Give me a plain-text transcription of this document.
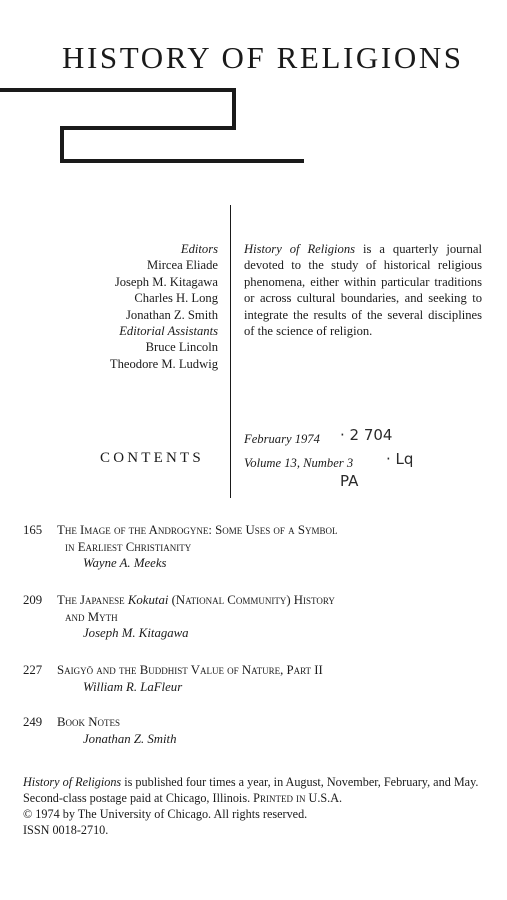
HISTORY OF RELIGIONS
Editors
Mircea Eliade
Joseph M. Kitagawa
Charles H. Long
Jonathan Z. Smith
Editorial Assistants
Bruce Lincoln
Theodore M. Ludwig
History of Religions is a quarterly journal devoted to the study of historical religious phenomena, either within particular traditions or across cultural boundaries, and seeking to integrate the results of the several disciplines of the science of religion.
February 1974
Volume 13, Number 3
· 2 704
· Lq
PA
CONTENTS
165 The Image of the Androgyne: Some Uses of a Symbol
in Earliest Christianity
Wayne A. Meeks
209 The Japanese Kokutai (National Community) History
and Myth
Joseph M. Kitagawa
227 Saigyō and the Buddhist Value of Nature, Part II
William R. LaFleur
249 Book Notes
Jonathan Z. Smith
History of Religions is published four times a year, in August, November, February, and May.
Second-class postage paid at Chicago, Illinois. Printed in U.S.A.
© 1974 by The University of Chicago. All rights reserved.
ISSN 0018-2710.
